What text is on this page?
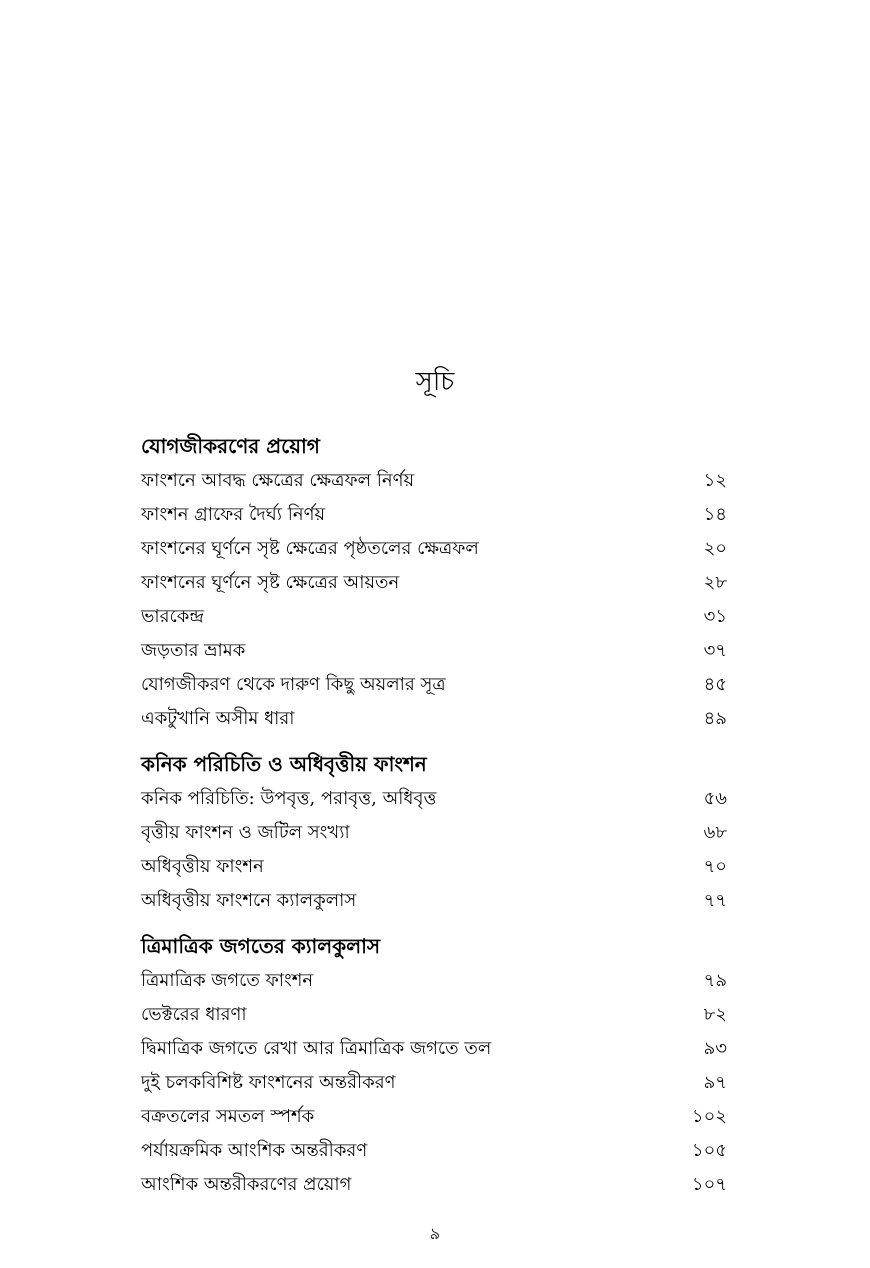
সূচি
যোগজীকরণের প্রয়োগ
ফাংশনে আবদ্ধ ক্ষেত্রের ক্ষেত্রফল নির্ণয়	১২
ফাংশন গ্রাফের দৈর্ঘ্য নির্ণয়	১৪
ফাংশনের ঘূর্ণনে সৃষ্ট ক্ষেত্রের পৃষ্ঠতলের ক্ষেত্রফল	২০
ফাংশনের ঘূর্ণনে সৃষ্ট ক্ষেত্রের আয়তন	২৮
ভারকেন্দ্র	৩১
জড়তার ভ্রামক	৩৭
যোগজীকরণ থেকে দারুণ কিছু অয়লার সূত্র	৪৫
একটুখানি অসীম ধারা	৪৯
কনিক পরিচিতি ও অধিবৃত্তীয় ফাংশন
কনিক পরিচিতি: উপবৃত্ত, পরাবৃত্ত, অধিবৃত্ত	৫৬
বৃত্তীয় ফাংশন ও জটিল সংখ্যা	৬৮
অধিবৃত্তীয় ফাংশন	৭০
অধিবৃত্তীয় ফাংশনে ক্যালকুলাস	৭৭
ত্রিমাত্রিক জগতের ক্যালকুলাস
ত্রিমাত্রিক জগতে ফাংশন	৭৯
ভেক্টরের ধারণা	৮২
দ্বিমাত্রিক জগতে রেখা আর ত্রিমাত্রিক জগতে তল	৯৩
দুই চলকবিশিষ্ট ফাংশনের অন্তরীকরণ	৯৭
বক্রতলের সমতল স্পর্শক	১০২
পর্যায়ক্রমিক আংশিক অন্তরীকরণ	১০৫
আংশিক অন্তরীকরণের প্রয়োগ	১০৭
৯
